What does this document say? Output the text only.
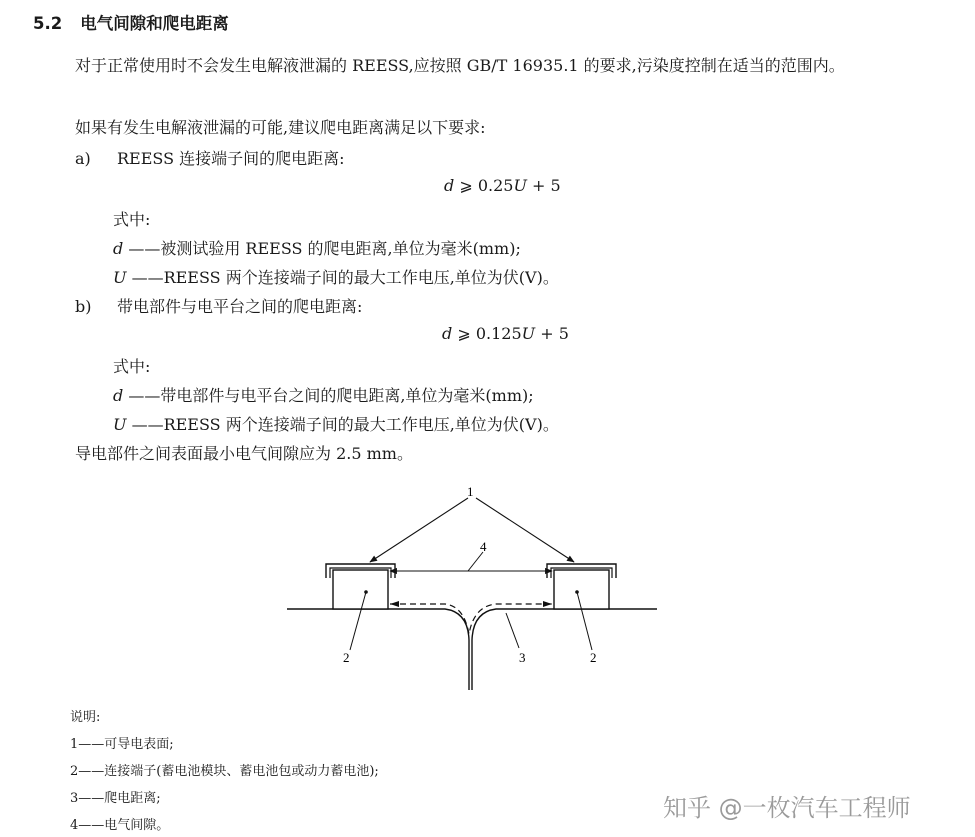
5.2 电气间隙和爬电距离
对于正常使用时不会发生电解液泄漏的 REESS,应按照 GB/T 16935.1 的要求,污染度控制在适当的范围内。
如果有发生电解液泄漏的可能,建议爬电距离满足以下要求:
a) REESS 连接端子间的爬电距离:
d ⩾ 0.25U + 5
式中:
d ——被测试验用 REESS 的爬电距离,单位为毫米(mm);
U ——REESS 两个连接端子间的最大工作电压,单位为伏(V)。
b) 带电部件与电平台之间的爬电距离:
d ⩾ 0.125U + 5
式中:
d ——带电部件与电平台之间的爬电距离,单位为毫米(mm);
U ——REESS 两个连接端子间的最大工作电压,单位为伏(V)。
导电部件之间表面最小电气间隙应为 2.5 mm。
1
2	2
3
4
说明:
1——可导电表面;
2——连接端子(蓄电池模块、蓄电池包或动力蓄电池);
3——爬电距离;
4——电气间隙。
知乎 @一枚汽车工程师
